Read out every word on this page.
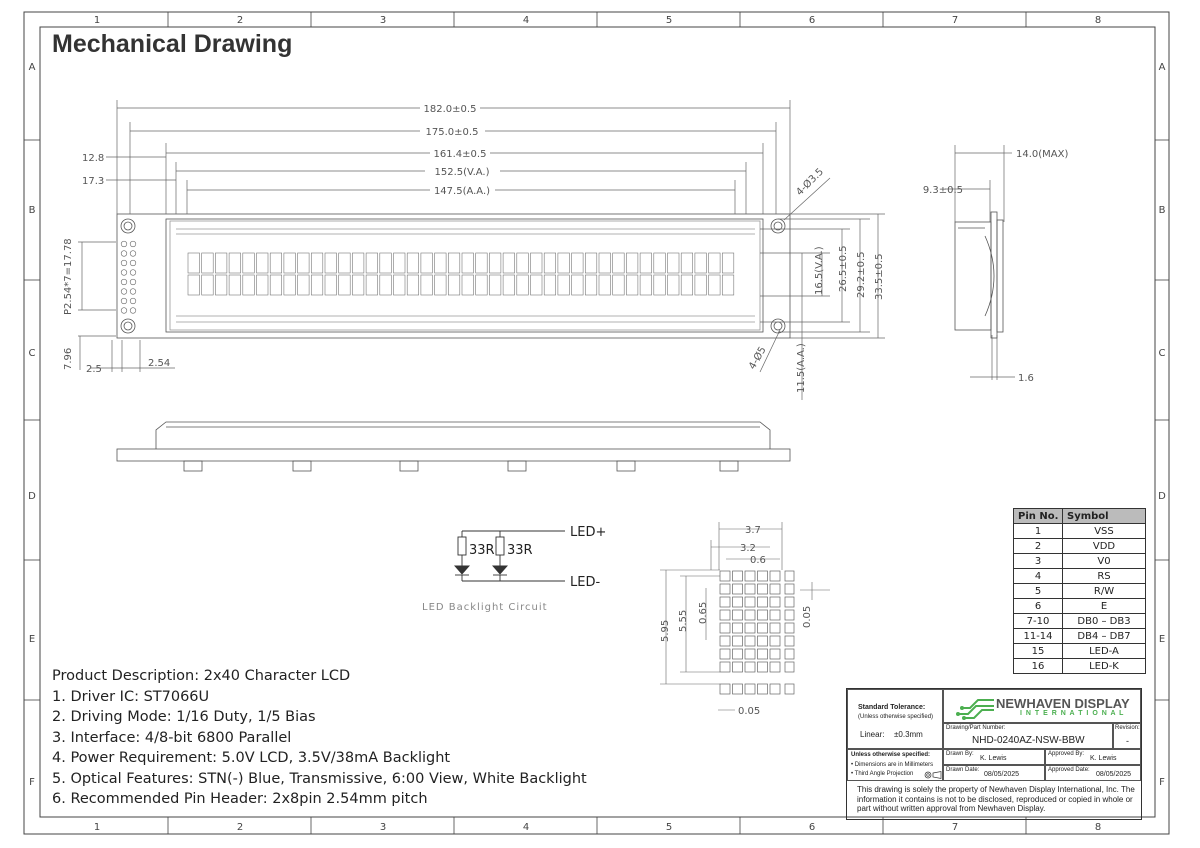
1
1
2
2
3
3
4
4
5
5
6
6
7
7
8
8
A	A
B	B
C	C
D	D
E	E
F	F
182.0±0.5
175.0±0.5
161.4±0.5
152.5(V.A.)
147.5(A.A.)
12.8
17.3
2.5
2.54
9.3±0.5
14.0(MAX)
1.6
3.7
3.2
0.6
0.05
P2.54*7=17.78
7.96
16.5(V.A.) 26.5±0.5 29.2±0.5 33.5±0.5
11.5(A.A.)
4-Ø3.5
4-Ø5
5.95 5.55 0.65	0.05
LED+
LED-
33R 33R
LED Backlight Circuit
Mechanical Drawing
Product Description: 2x40 Character LCD
1. Driver IC: ST7066U
2. Driving Mode: 1/16 Duty, 1/5 Bias
3. Interface: 4/8-bit 6800 Parallel
4. Power Requirement: 5.0V LCD, 3.5V/38mA Backlight
5. Optical Features: STN(-) Blue, Transmissive, 6:00 View, White Backlight
6. Recommended Pin Header: 2x8pin 2.54mm pitch
Pin No.	Symbol
1	VSS
2	VDD
3	V0
4	RS
5	R/W
6	E
7-10	DB0 – DB3
11-14	DB4 – DB7
15	LED-A
16	LED-K
Standard Tolerance:
(Unless otherwise specified)
Linear: ±0.3mm
NEWHAVEN DISPLAY
I N T E R N A T I O N A L
Drawing/Part Number:
NHD-0240AZ-NSW-BBW
Revision:
-
Unless otherwise specified:
• Dimensions are in Millimeters
• Third Angle Projection
Drawn By:
K. Lewis
Approved By:
K. Lewis
Drawn Date:
08/05/2025
Approved Date:
08/05/2025
This drawing is solely the property of Newhaven Display International, Inc. The information it contains is not to be disclosed, reproduced or copied in whole or part without written approval from Newhaven Display.
